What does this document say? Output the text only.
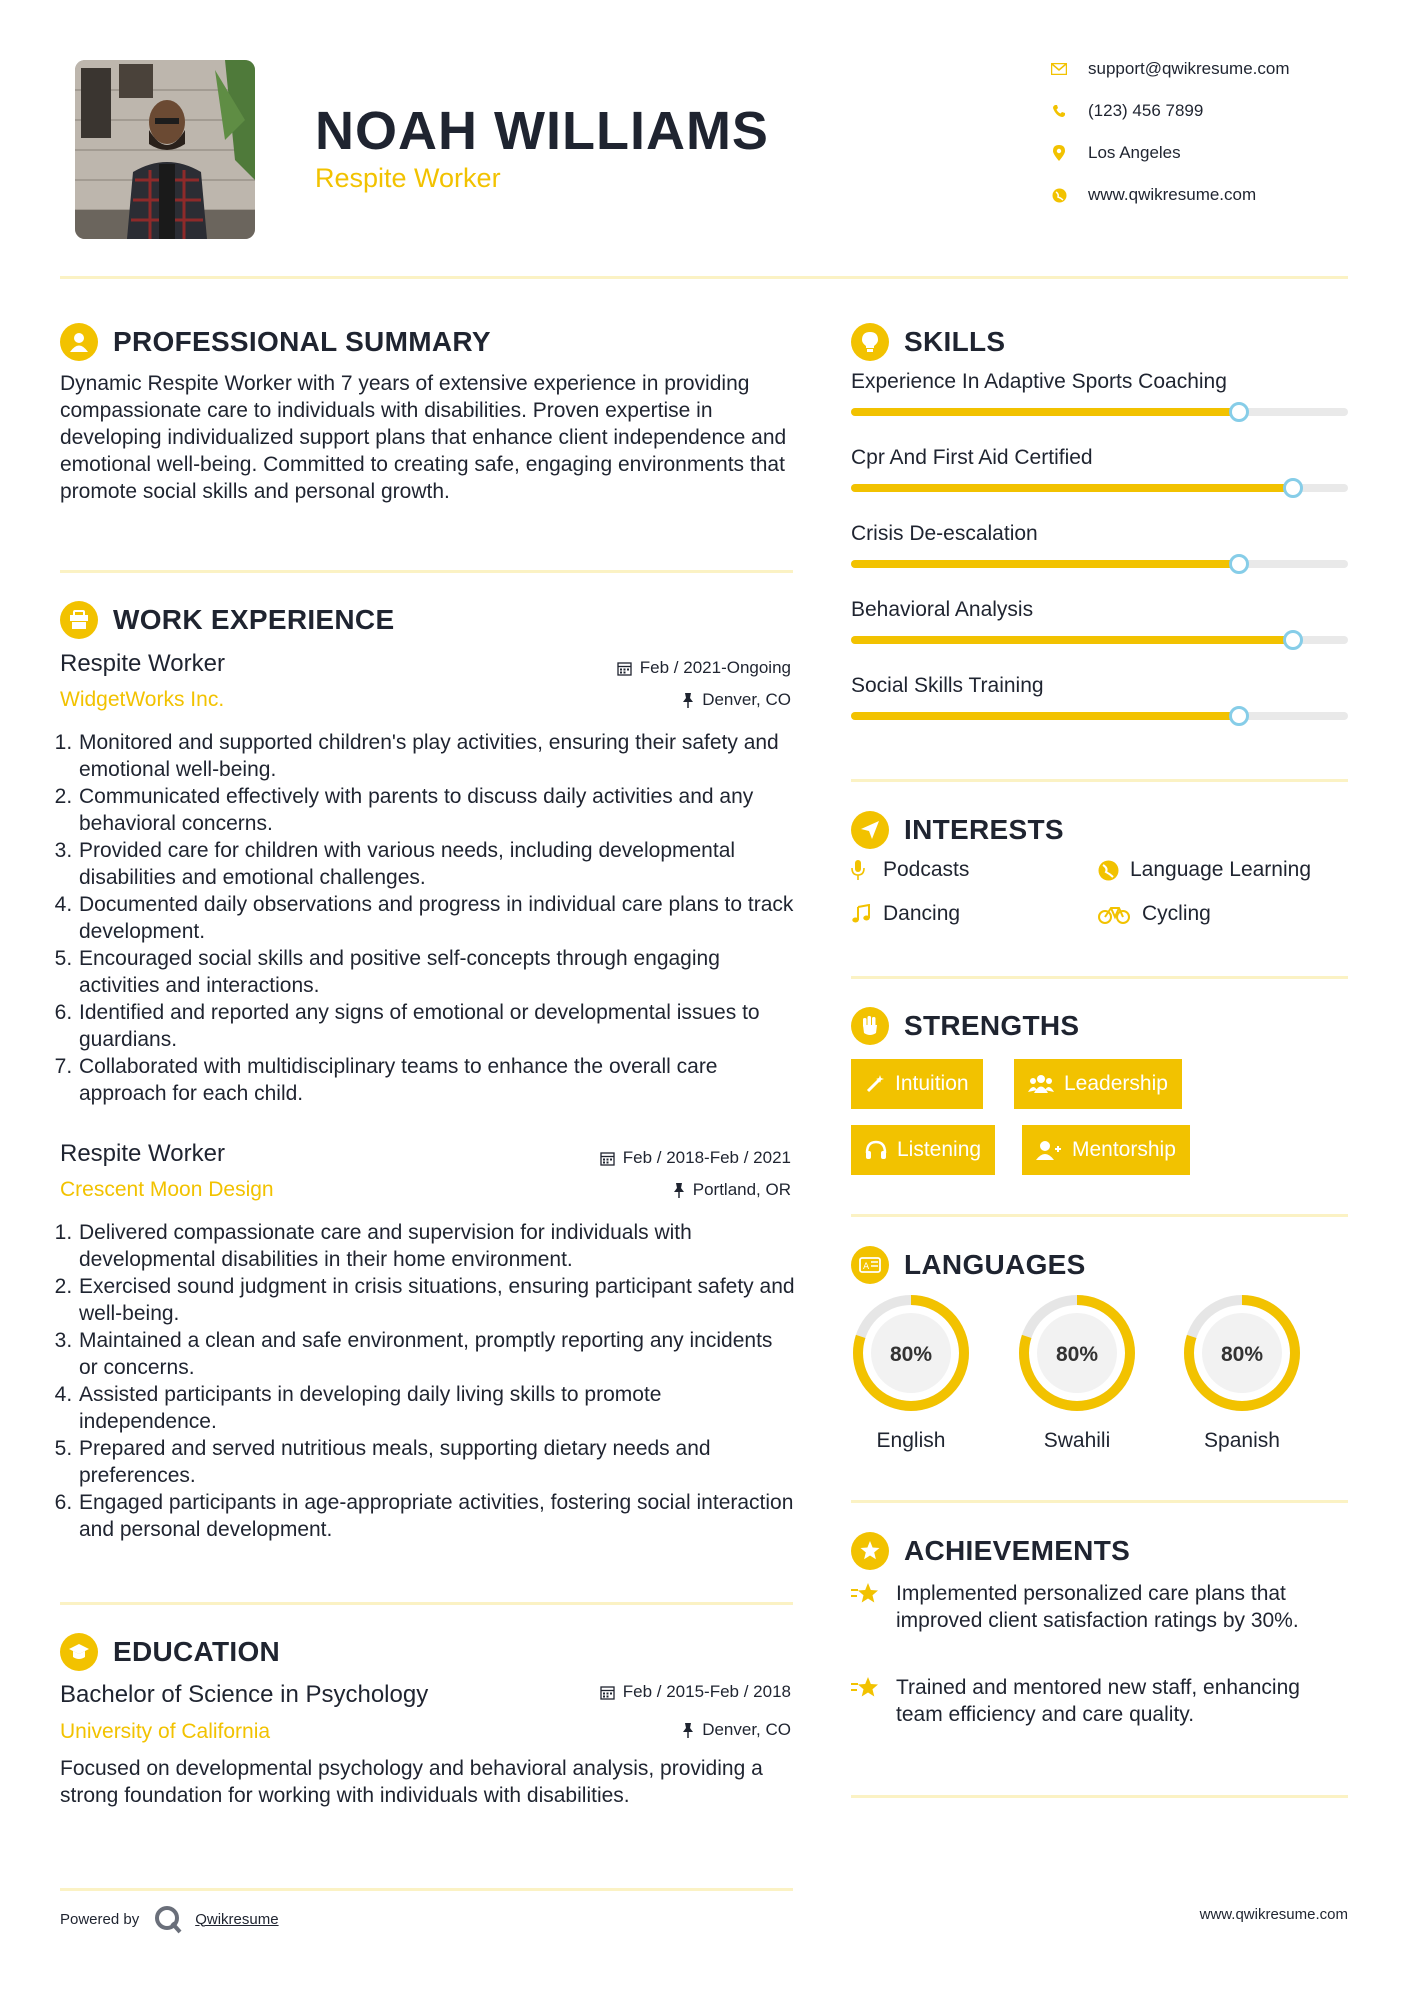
NOAH WILLIAMS
Respite Worker
support@qwikresume.com
(123) 456 7899
Los Angeles
www.qwikresume.com
PROFESSIONAL SUMMARY
Dynamic Respite Worker with 7 years of extensive experience in providing compassionate care to individuals with disabilities. Proven expertise in developing individualized support plans that enhance client independence and emotional well-being. Committed to creating safe, engaging environments that promote social skills and personal growth.
WORK EXPERIENCE
Respite Worker	Feb / 2021-Ongoing
WidgetWorks Inc.	Denver, CO
1. Monitored and supported children's play activities, ensuring their safety and emotional well-being.
2. Communicated effectively with parents to discuss daily activities and any behavioral concerns.
3. Provided care for children with various needs, including developmental disabilities and emotional challenges.
4. Documented daily observations and progress in individual care plans to track development.
5. Encouraged social skills and positive self-concepts through engaging activities and interactions.
6. Identified and reported any signs of emotional or developmental issues to guardians.
7. Collaborated with multidisciplinary teams to enhance the overall care approach for each child.
Respite Worker	Feb / 2018-Feb / 2021
Crescent Moon Design	Portland, OR
1. Delivered compassionate care and supervision for individuals with developmental disabilities in their home environment.
2. Exercised sound judgment in crisis situations, ensuring participant safety and well-being.
3. Maintained a clean and safe environment, promptly reporting any incidents or concerns.
4. Assisted participants in developing daily living skills to promote independence.
5. Prepared and served nutritious meals, supporting dietary needs and preferences.
6. Engaged participants in age-appropriate activities, fostering social interaction and personal development.
EDUCATION
Bachelor of Science in Psychology	Feb / 2015-Feb / 2018
University of California	Denver, CO
Focused on developmental psychology and behavioral analysis, providing a strong foundation for working with individuals with disabilities.
Powered by	Qwikresume	www.qwikresume.com
SKILLS
Experience In Adaptive Sports Coaching
Cpr And First Aid Certified
Crisis De-escalation
Behavioral Analysis
Social Skills Training
INTERESTS
Podcasts	Language Learning
Dancing	Cycling
STRENGTHS
Intuition	Leadership
Listening	Mentorship
A LANGUAGES
80%
English
80%
Swahili
80%
Spanish
ACHIEVEMENTS
Implemented personalized care plans that improved client satisfaction ratings by 30%.
Trained and mentored new staff, enhancing team efficiency and care quality.
